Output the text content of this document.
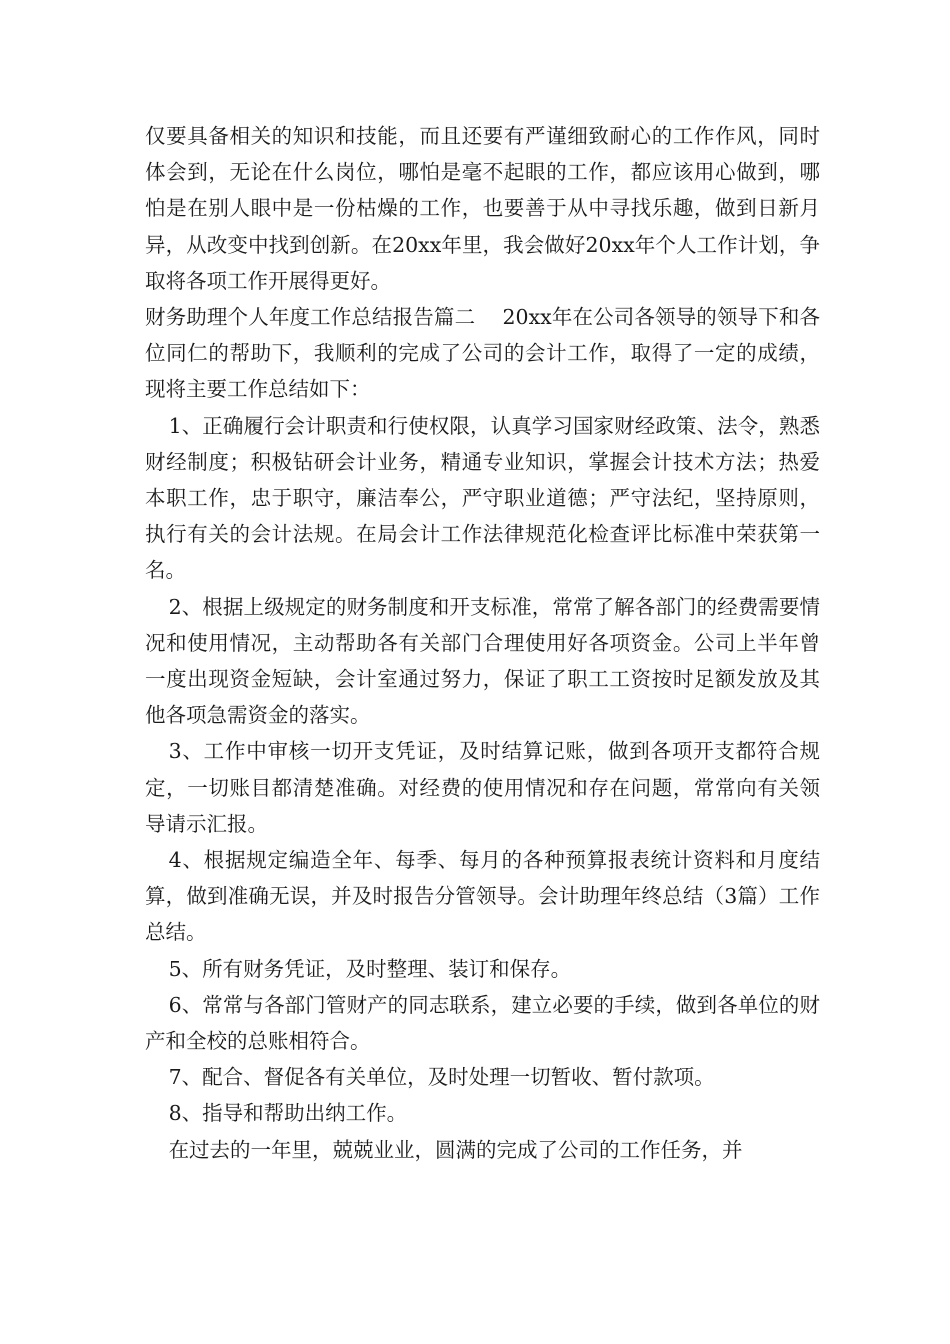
仅要具备相关的知识和技能，而且还要有严谨细致耐心的工作作风，同时体会到，无论在什么岗位，哪怕是毫不起眼的工作，都应该用心做到，哪怕是在别人眼中是一份枯燥的工作，也要善于从中寻找乐趣，做到日新月异，从改变中找到创新。在20xx年里，我会做好20xx年个人工作计划，争取将各项工作开展得更好。

财务助理个人年度工作总结报告篇二　 20xx年在公司各领导的领导下和各位同仁的帮助下，我顺利的完成了公司的会计工作，取得了一定的成绩，现将主要工作总结如下：

1、正确履行会计职责和行使权限，认真学习国家财经政策、法令，熟悉财经制度；积极钻研会计业务，精通专业知识，掌握会计技术方法；热爱本职工作，忠于职守，廉洁奉公，严守职业道德；严守法纪，坚持原则，执行有关的会计法规。在局会计工作法律规范化检查评比标准中荣获第一名。

2、根据上级规定的财务制度和开支标准，常常了解各部门的经费需要情况和使用情况，主动帮助各有关部门合理使用好各项资金。公司上半年曾一度出现资金短缺，会计室通过努力，保证了职工工资按时足额发放及其他各项急需资金的落实。

3、工作中审核一切开支凭证，及时结算记账，做到各项开支都符合规定，一切账目都清楚准确。对经费的使用情况和存在问题，常常向有关领导请示汇报。

4、根据规定编造全年、每季、每月的各种预算报表统计资料和月度结算，做到准确无误，并及时报告分管领导。会计助理年终总结（3篇）工作总结。

5、所有财务凭证，及时整理、装订和保存。

6、常常与各部门管财产的同志联系，建立必要的手续，做到各单位的财产和全校的总账相符合。

7、配合、督促各有关单位，及时处理一切暂收、暂付款项。

8、指导和帮助出纳工作。

在过去的一年里，兢兢业业，圆满的完成了公司的工作任务，并
